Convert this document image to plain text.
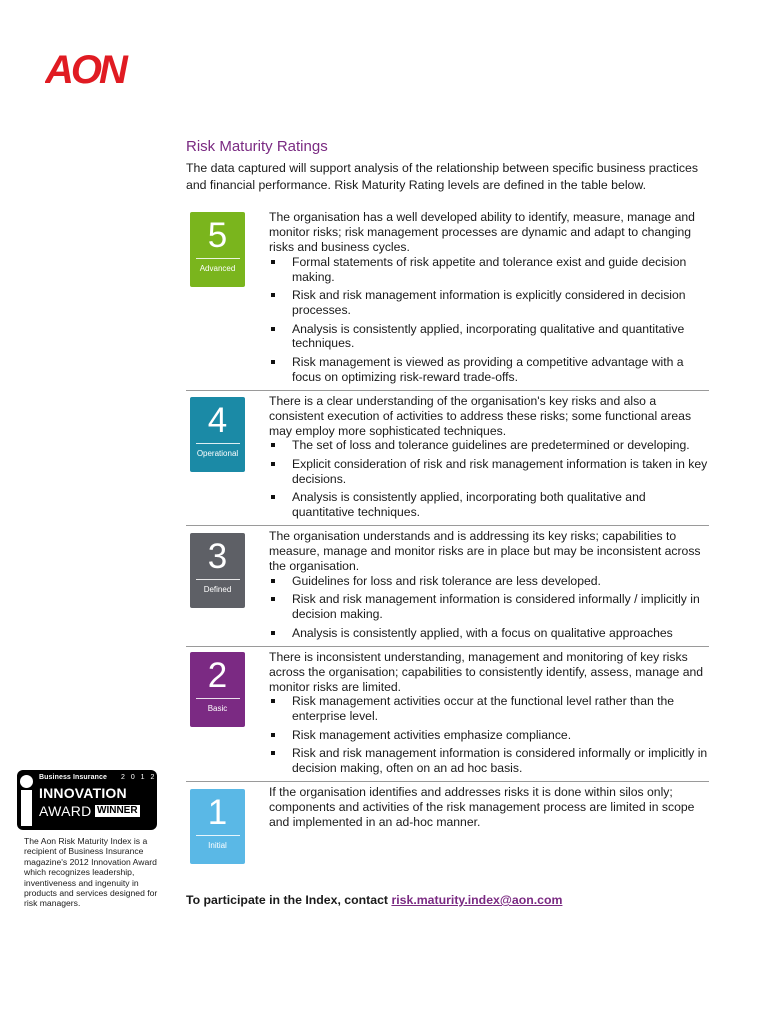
AON
Risk Maturity Ratings

The data captured will support analysis of the relationship between specific business practices and financial performance. Risk Maturity Rating levels are defined in the table below.

5
Advanced

The organisation has a well developed ability to identify, measure, manage and monitor risks; risk management processes are dynamic and adapt to changing risks and business cycles.

Formal statements of risk appetite and tolerance exist and guide decision making.
Risk and risk management information is explicitly considered in decision processes.
Analysis is consistently applied, incorporating qualitative and quantitative techniques.
Risk management is viewed as providing a competitive advantage with a focus on optimizing risk-reward trade-offs.
4
Operational

There is a clear understanding of the organisation's key risks and also a consistent execution of activities to address these risks; some functional areas may employ more sophisticated techniques.

The set of loss and tolerance guidelines are predetermined or developing.
Explicit consideration of risk and risk management information is taken in key decisions.
Analysis is consistently applied, incorporating both qualitative and quantitative techniques.
3
Defined

The organisation understands and is addressing its key risks; capabilities to measure, manage and monitor risks are in place but may be inconsistent across the organisation.

Guidelines for loss and risk tolerance are less developed.
Risk and risk management information is considered informally / implicitly in decision making.
Analysis is consistently applied, with a focus on qualitative approaches
2
Basic

There is inconsistent understanding, management and monitoring of key risks across the organisation; capabilities to consistently identify, assess, manage and monitor risks are limited.

Risk management activities occur at the functional level rather than the enterprise level.
Risk management activities emphasize compliance.
Risk and risk management information is considered informally or implicitly in decision making, often on an ad hoc basis.
1
Initial

If the organisation identifies and addresses risks it is done within silos only; components and activities of the risk management process are limited in scope and implemented in an ad-hoc manner.

To participate in the Index, contact risk.maturity.index@aon.com

Business Insurance 2 0 1 2
INNOVATION
AWARD WINNER

The Aon Risk Maturity Index is a recipient of Business Insurance magazine's 2012 Innovation Award which recognizes leadership, inventiveness and ingenuity in products and services designed for risk managers.
